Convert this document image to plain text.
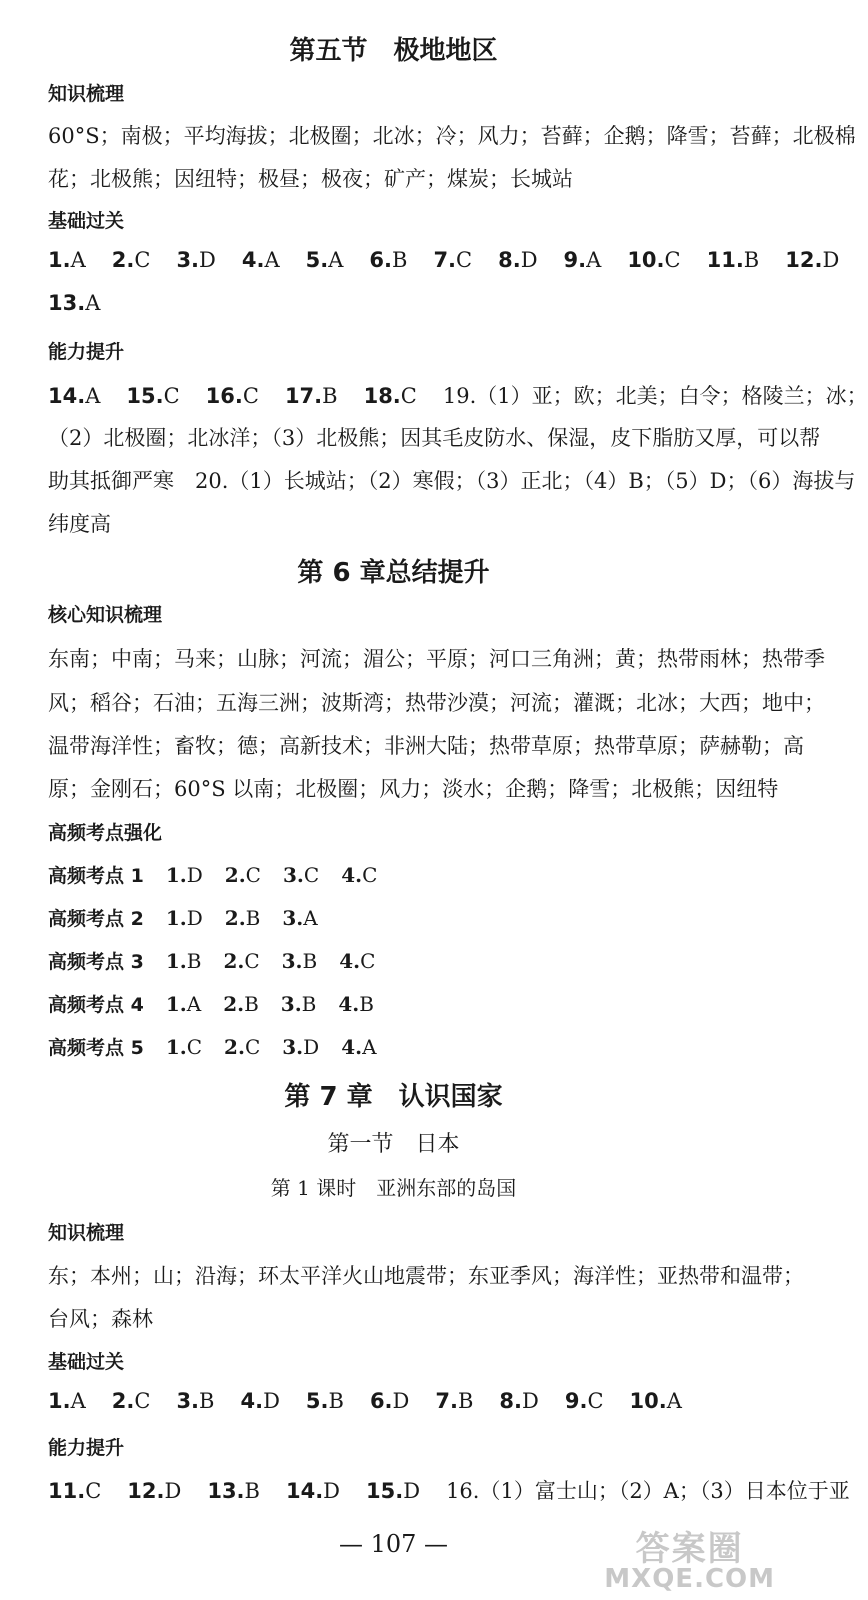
第五节　极地地区
知识梳理
60°S；南极；平均海拔；北极圈；北冰；冷；风力；苔藓；企鹅；降雪；苔藓；北极棉
花；北极熊；因纽特；极昼；极夜；矿产；煤炭；长城站
基础过关
1.A 2.C 3.D 4.A 5.A 6.B 7.C 8.D 9.A 10.C 11.B 12.D
13.A
能力提升
14.A 15.C 16.C 17.B 18.C 19.（1）亚；欧；北美；白令；格陵兰；冰；
（2）北极圈；北冰洋；（3）北极熊；因其毛皮防水、保湿，皮下脂肪又厚，可以帮
助其抵御严寒　20.（1）长城站；（2）寒假；（3）正北；（4）B；（5）D；（6）海拔与
纬度高
第 6 章总结提升
核心知识梳理
东南；中南；马来；山脉；河流；湄公；平原；河口三角洲；黄；热带雨林；热带季
风；稻谷；石油；五海三洲；波斯湾；热带沙漠；河流；灌溉；北冰；大西；地中；
温带海洋性；畜牧；德；高新技术；非洲大陆；热带草原；热带草原；萨赫勒；高
原；金刚石；60°S 以南；北极圈；风力；淡水；企鹅；降雪；北极熊；因纽特
高频考点强化
高频考点 1 1.D 2.C 3.C 4.C
高频考点 2 1.D 2.B 3.A
高频考点 3 1.B 2.C 3.B 4.C
高频考点 4 1.A 2.B 3.B 4.B
高频考点 5 1.C 2.C 3.D 4.A
第 7 章　认识国家
第一节　日本
第 1 课时　亚洲东部的岛国
知识梳理
东；本州；山；沿海；环太平洋火山地震带；东亚季风；海洋性；亚热带和温带；
台风；森林
基础过关
1.A 2.C 3.B 4.D 5.B 6.D 7.B 8.D 9.C 10.A
能力提升
11.C 12.D 13.B 14.D 15.D 16.（1）富士山；（2）A；（3）日本位于亚
— 107 —	答案圈
MXQE.COM
